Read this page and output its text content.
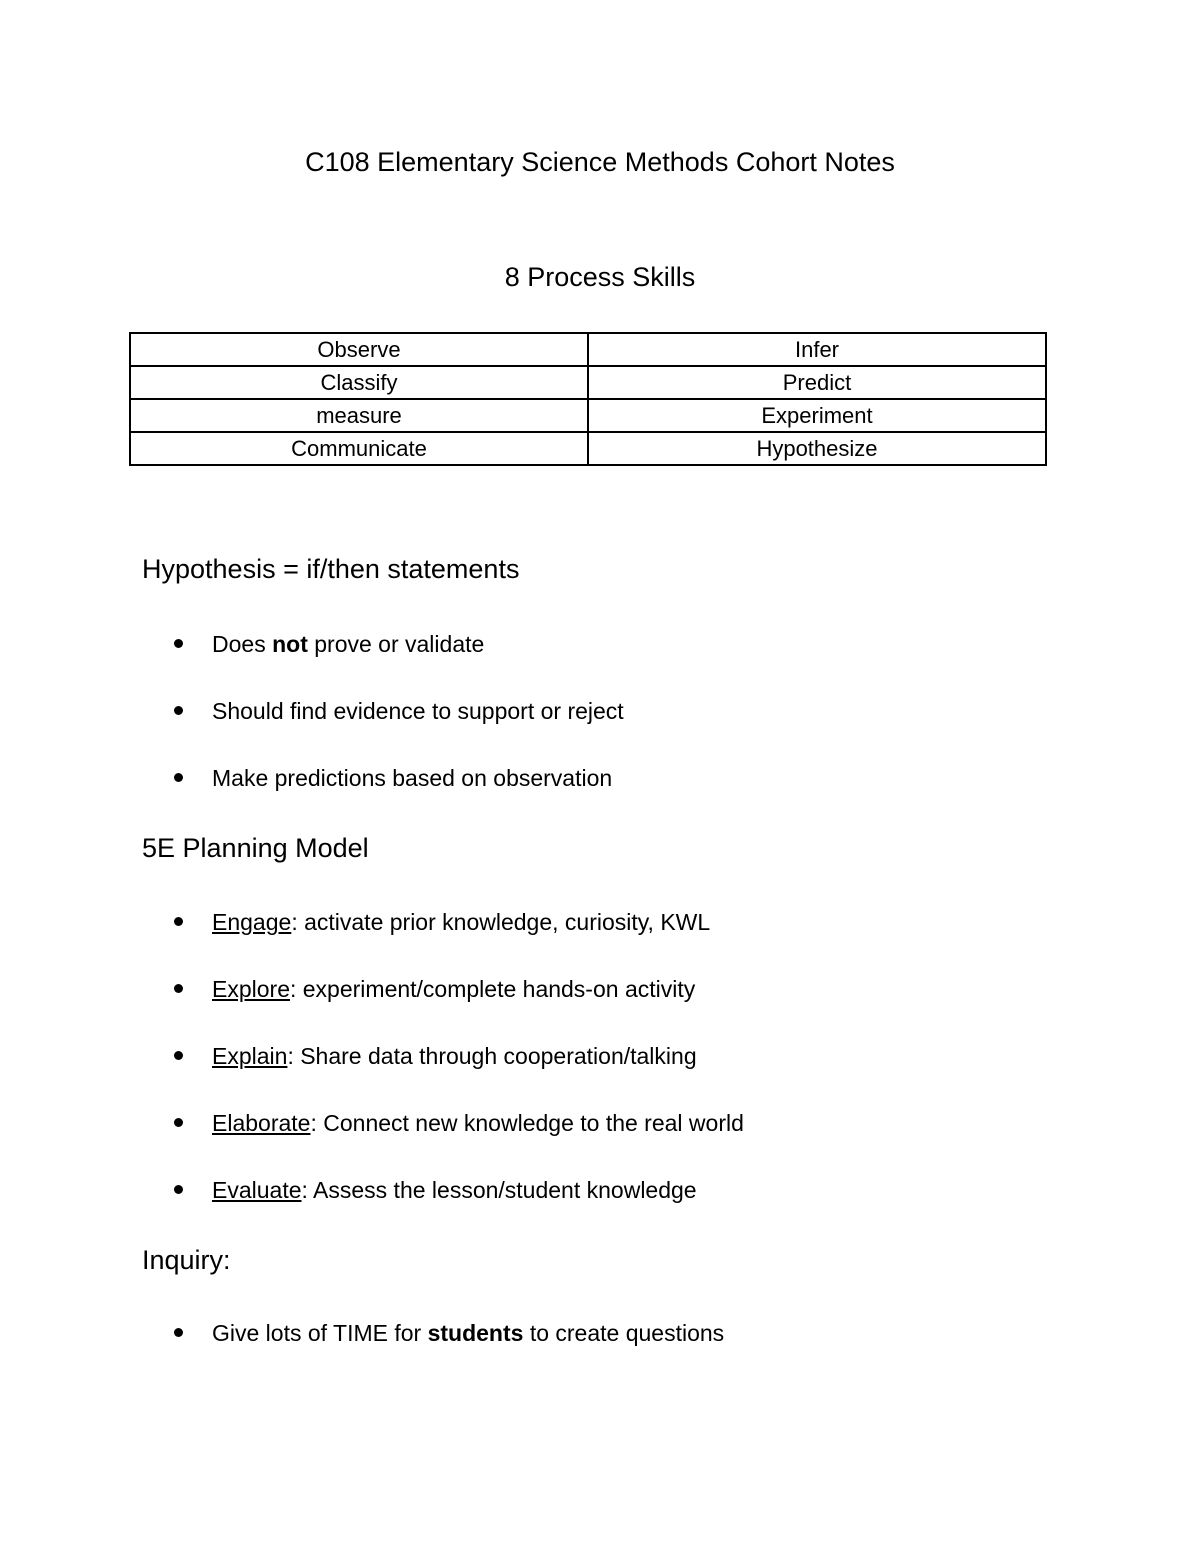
C108 Elementary Science Methods Cohort Notes
8 Process Skills
Observe	Infer
Classify	Predict
measure	Experiment
Communicate	Hypothesize
Hypothesis = if/then statements
Does not prove or validate
Should find evidence to support or reject
Make predictions based on observation
5E Planning Model
Engage: activate prior knowledge, curiosity, KWL
Explore: experiment/complete hands-on activity
Explain: Share data through cooperation/talking
Elaborate: Connect new knowledge to the real world
Evaluate: Assess the lesson/student knowledge
Inquiry:
Give lots of TIME for students to create questions
